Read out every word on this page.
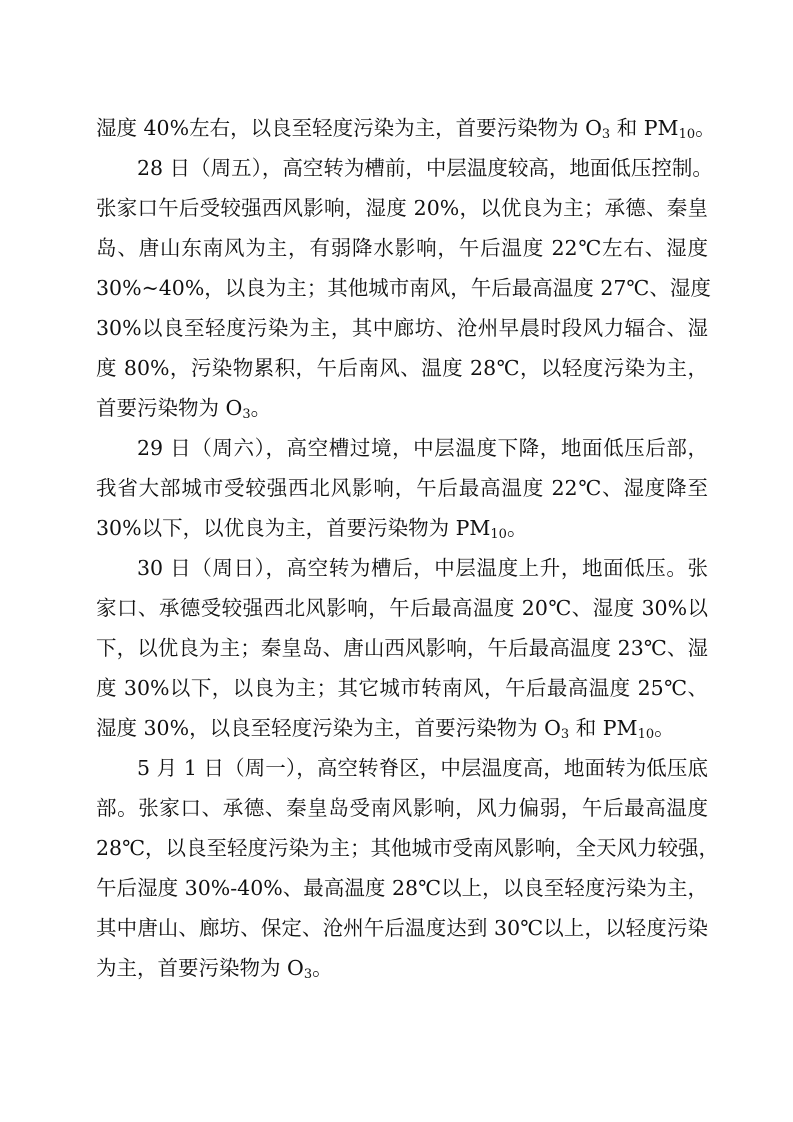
湿度 40%左右，以良至轻度污染为主，首要污染物为 $O_3$ 和 $PM_{10}$。
28 日（周五），高空转为槽前，中层温度较高，地面低压控制。
张家口午后受较强西风影响，湿度 20%，以优良为主；承德、秦皇
岛、唐山东南风为主，有弱降水影响，午后温度 22℃左右、湿度
30%~40%，以良为主；其他城市南风，午后最高温度 27℃、湿度
30%以良至轻度污染为主，其中廊坊、沧州早晨时段风力辐合、湿
度 80%，污染物累积，午后南风、温度 28℃，以轻度污染为主，
首要污染物为 $O_3$。
29 日（周六），高空槽过境，中层温度下降，地面低压后部，
我省大部城市受较强西北风影响，午后最高温度 22℃、湿度降至
30%以下，以优良为主，首要污染物为 $PM_{10}$。
30 日（周日），高空转为槽后，中层温度上升，地面低压。张
家口、承德受较强西北风影响，午后最高温度 20℃、湿度 30%以
下，以优良为主；秦皇岛、唐山西风影响，午后最高温度 23℃、湿
度 30%以下，以良为主；其它城市转南风，午后最高温度 25℃、
湿度 30%，以良至轻度污染为主，首要污染物为 $O_3$ 和 $PM_{10}$。
5 月 1 日（周一），高空转脊区，中层温度高，地面转为低压底
部。张家口、承德、秦皇岛受南风影响，风力偏弱，午后最高温度
28℃，以良至轻度污染为主；其他城市受南风影响，全天风力较强，
午后湿度 30%-40%、最高温度 28℃以上，以良至轻度污染为主，
其中唐山、廊坊、保定、沧州午后温度达到 30℃以上，以轻度污染
为主，首要污染物为 $O_3$。
